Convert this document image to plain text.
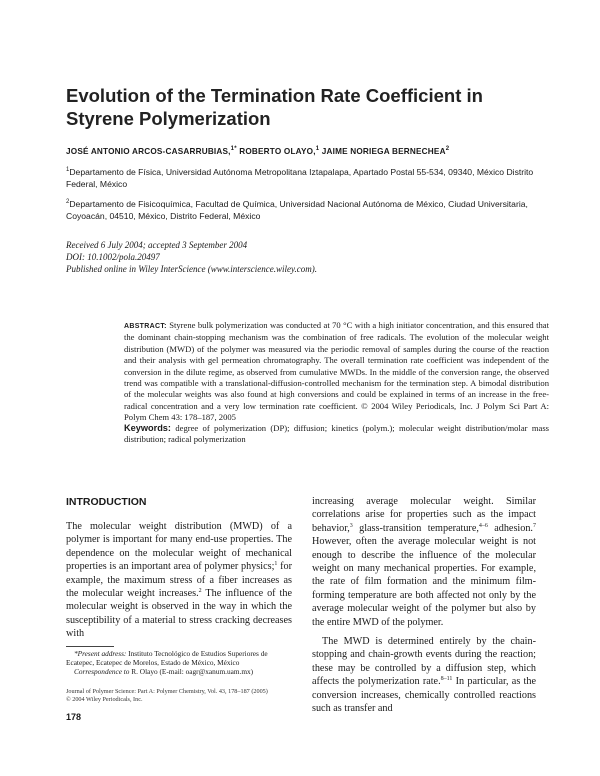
Evolution of the Termination Rate Coefficient in Styrene Polymerization
JOSÉ ANTONIO ARCOS-CASARRUBIAS,$^{1*}$ ROBERTO OLAYO,$^1$ JAIME NORIEGA BERNECHEA$^2$
$^1$Departamento de Física, Universidad Autónoma Metropolitana Iztapalapa, Apartado Postal 55-534, 09340, México Distrito Federal, México
$^2$Departamento de Fisicoquímica, Facultad de Química, Universidad Nacional Autónoma de México, Ciudad Universitaria, Coyoacán, 04510, México, Distrito Federal, México
Received 6 July 2004; accepted 3 September 2004
DOI: 10.1002/pola.20497
Published online in Wiley InterScience (www.interscience.wiley.com).
ABSTRACT: Styrene bulk polymerization was conducted at 70 °C with a high initiator concentration, and this ensured that the dominant chain-stopping mechanism was the combination of free radicals. The evolution of the molecular weight distribution (MWD) of the polymer was measured via the periodic removal of samples during the course of the reaction and their analysis with gel permeation chromatography. The overall termination rate coefficient was independent of the conversion in the dilute regime, as observed from cumulative MWDs. In the middle of the conversion range, the observed trend was compatible with a translational-diffusion-controlled mechanism for the termination step. A bimodal distribution of the molecular weights was also found at high conversions and could be explained in terms of an increase in the free-radical concentration and a very low termination rate coefficient. © 2004 Wiley Periodicals, Inc. J Polym Sci Part A: Polym Chem 43: 178–187, 2005
Keywords: degree of polymerization (DP); diffusion; kinetics (polym.); molecular weight distribution/molar mass distribution; radical polymerization
INTRODUCTION
The molecular weight distribution (MWD) of a polymer is important for many end-use properties. The dependence on the molecular weight of mechanical properties is an important area of polymer physics;$^1$ for example, the maximum stress of a fiber increases as the molecular weight increases.$^2$ The influence of the molecular weight is observed in the way in which the susceptibility of a material to stress cracking decreases with

increasing average molecular weight. Similar correlations arise for properties such as the impact behavior,$^3$ glass-transition temperature,$^{4-6}$ adhesion.$^7$ However, often the average molecular weight is not enough to describe the influence of the molecular weight on many mechanical properties. For example, the rate of film formation and the minimum film-forming temperature are both affected not only by the average molecular weight of the polymer but also by the entire MWD of the polymer.

The MWD is determined entirely by the chain-stopping and chain-growth events during the reaction; these may be controlled by a diffusion step, which affects the polymerization rate.$^{8-11}$ In particular, as the conversion increases, chemically controlled reactions such as transfer and

*Present address: Instituto Tecnológico de Estudios Superiores de Ecatepec, Ecatepec de Morelos, Estado de México, México

Correspondence to R. Olayo (E-mail: oagr@xanum.uam.mx)

Journal of Polymer Science: Part A: Polymer Chemistry, Vol. 43, 178–187 (2005)
© 2004 Wiley Periodicals, Inc.
178
